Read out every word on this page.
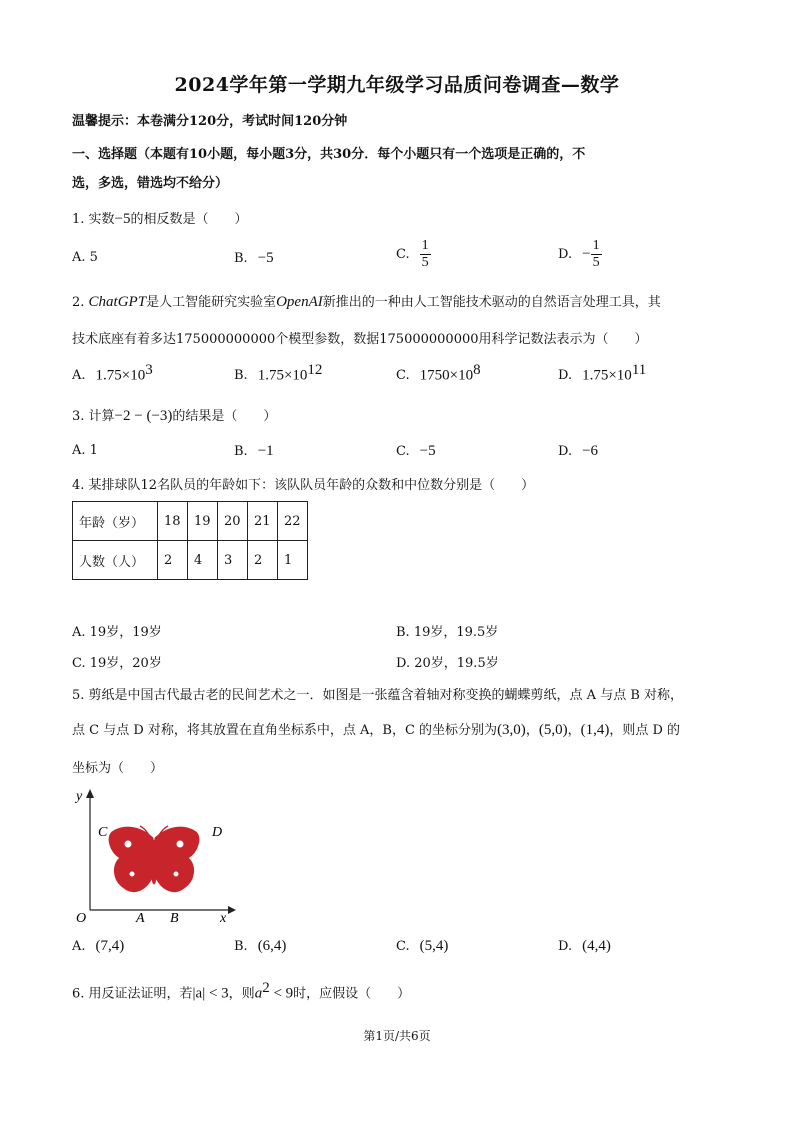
2024学年第一学期九年级学习品质问卷调查—数学
温馨提示：本卷满分120分，考试时间120分钟
一、选择题（本题有10小题，每小题3分，共30分．每个小题只有一个选项是正确的，不
选，多选，错选均不给分）
1. 实数−5的相反数是（　　）
A. 5	B. −5	C. $\frac{1}{5}$	D. − $\frac{1}{5}$
2. ChatGPT是人工智能研究实验室OpenAI新推出的一种由人工智能技术驱动的自然语言处理工具，其
技术底座有着多达175000000000个模型参数，数据175000000000用科学记数法表示为（　　）
A. $1.75\times 10^3$	B. $1.75\times 10^{12}$	C. $1750\times 10^8$	D. $1.75\times 10^{11}$
3. 计算−2 − (−3)的结果是（　　）
A. 1	B. −1	C. −5	D. −6
4. 某排球队12名队员的年龄如下：该队队员年龄的众数和中位数分别是（　　）
年龄（岁）	18	19	20	21	22
人数（人）	2	4	3	2	1
A. 19岁，19岁	B. 19岁，19.5岁
C. 19岁，20岁	D. 20岁，19.5岁
5. 剪纸是中国古代最古老的民间艺术之一．如图是一张蕴含着轴对称变换的蝴蝶剪纸，点 A 与点 B 对称，
点 C 与点 D 对称，将其放置在直角坐标系中，点 A，B，C 的坐标分别为(3,0)，(5,0)，(1,4)，则点 D 的
坐标为（　　）
y
x
O	A B
C	D
A. (7,4)	B. (6,4)	C. (5,4)	D. (4,4)
6. 用反证法证明，若|a| < 3，则$a^2 < 9$时，应假设（　　）
第1页/共6页
